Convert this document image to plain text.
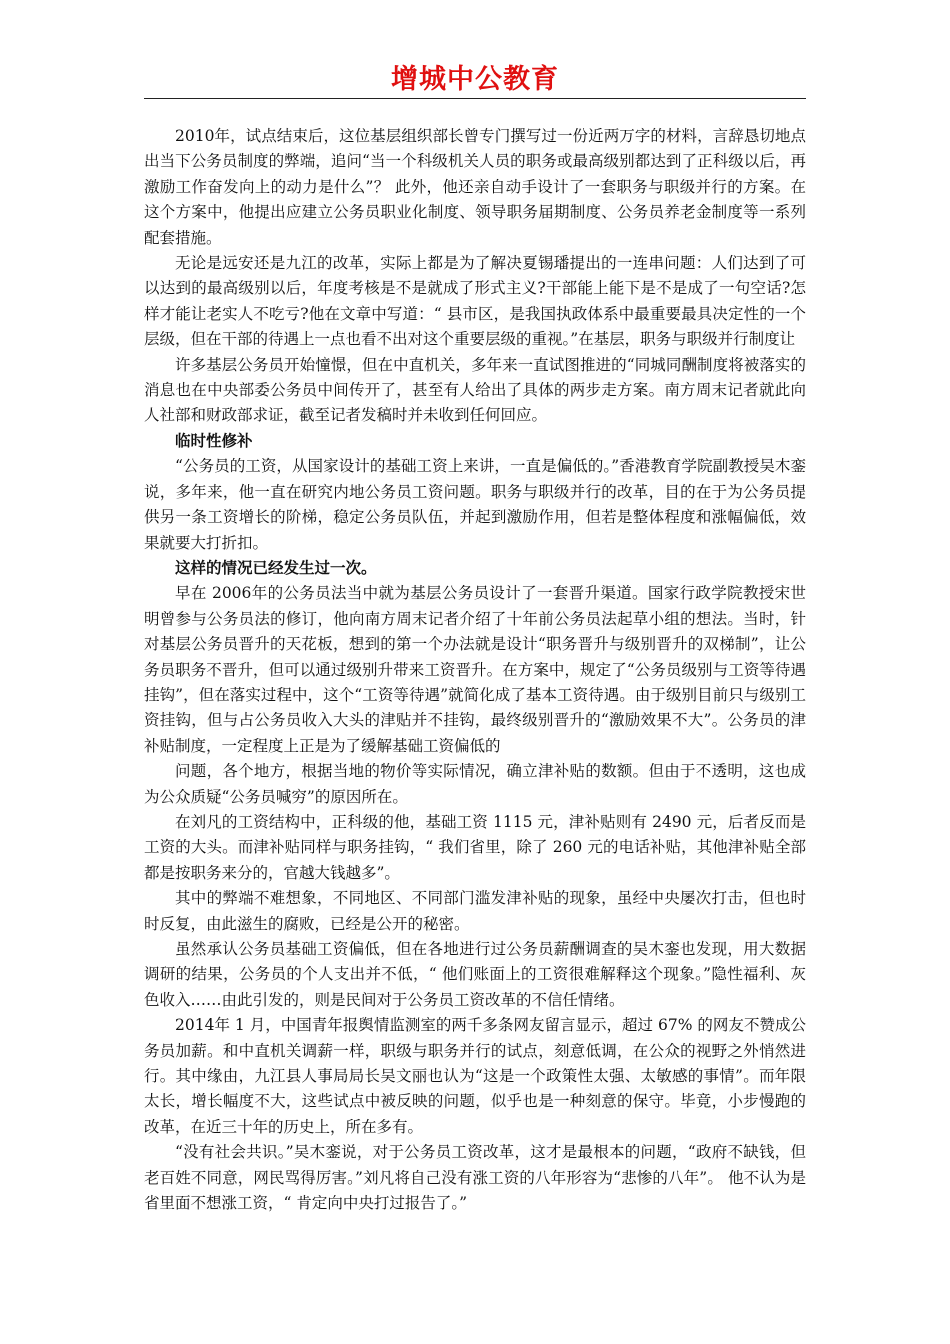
增城中公教育

2010年，试点结束后，这位基层组织部长曾专门撰写过一份近两万字的材料，言辞恳切地点出当下公务员制度的弊端，追问“当一个科级机关人员的职务或最高级别都达到了正科级以后，再激励工作奋发向上的动力是什么”？ 此外，他还亲自动手设计了一套职务与职级并行的方案。在这个方案中，他提出应建立公务员职业化制度、领导职务届期制度、公务员养老金制度等一系列配套措施。

无论是远安还是九江的改革，实际上都是为了解决夏锡璠提出的一连串问题：人们达到了可以达到的最高级别以后，年度考核是不是就成了形式主义?干部能上能下是不是成了一句空话?怎样才能让老实人不吃亏?他在文章中写道：“ 县市区，是我国执政体系中最重要最具决定性的一个层级，但在干部的待遇上一点也看不出对这个重要层级的重视。”在基层，职务与职级并行制度让

许多基层公务员开始憧憬，但在中直机关，多年来一直试图推进的“同城同酬制度将被落实的消息也在中央部委公务员中间传开了，甚至有人给出了具体的两步走方案。南方周末记者就此向人社部和财政部求证，截至记者发稿时并未收到任何回应。

临时性修补

“公务员的工资，从国家设计的基础工资上来讲，一直是偏低的。”香港教育学院副教授吴木銮说，多年来，他一直在研究内地公务员工资问题。职务与职级并行的改革，目的在于为公务员提供另一条工资增长的阶梯，稳定公务员队伍，并起到激励作用，但若是整体程度和涨幅偏低，效果就要大打折扣。

这样的情况已经发生过一次。

早在 2006年的公务员法当中就为基层公务员设计了一套晋升渠道。国家行政学院教授宋世明曾参与公务员法的修订，他向南方周末记者介绍了十年前公务员法起草小组的想法。当时，针对基层公务员晋升的天花板，想到的第一个办法就是设计“职务晋升与级别晋升的双梯制”，让公务员职务不晋升，但可以通过级别升带来工资晋升。在方案中，规定了“公务员级别与工资等待遇挂钩”，但在落实过程中，这个“工资等待遇”就简化成了基本工资待遇。由于级别目前只与级别工资挂钩，但与占公务员收入大头的津贴并不挂钩，最终级别晋升的“激励效果不大”。公务员的津补贴制度，一定程度上正是为了缓解基础工资偏低的

问题，各个地方，根据当地的物价等实际情况，确立津补贴的数额。但由于不透明，这也成为公众质疑“公务员喊穷”的原因所在。

在刘凡的工资结构中，正科级的他，基础工资 1115 元，津补贴则有 2490 元，后者反而是工资的大头。而津补贴同样与职务挂钩，“ 我们省里，除了 260 元的电话补贴，其他津补贴全部都是按职务来分的，官越大钱越多”。

其中的弊端不难想象，不同地区、不同部门滥发津补贴的现象，虽经中央屡次打击，但也时时反复，由此滋生的腐败，已经是公开的秘密。

虽然承认公务员基础工资偏低，但在各地进行过公务员薪酬调查的吴木銮也发现，用大数据调研的结果，公务员的个人支出并不低，“ 他们账面上的工资很难解释这个现象。”隐性福利、灰色收入……由此引发的，则是民间对于公务员工资改革的不信任情绪。

2014年 1 月，中国青年报舆情监测室的两千多条网友留言显示，超过 67% 的网友不赞成公务员加薪。和中直机关调薪一样，职级与职务并行的试点，刻意低调，在公众的视野之外悄然进行。其中缘由，九江县人事局局长吴文丽也认为“这是一个政策性太强、太敏感的事情”。而年限太长，增长幅度不大，这些试点中被反映的问题，似乎也是一种刻意的保守。毕竟，小步慢跑的改革，在近三十年的历史上，所在多有。

“没有社会共识。”吴木銮说，对于公务员工资改革，这才是最根本的问题，“政府不缺钱，但老百姓不同意，网民骂得厉害。”刘凡将自己没有涨工资的八年形容为“悲惨的八年”。 他不认为是省里面不想涨工资，“ 肯定向中央打过报告了。”
